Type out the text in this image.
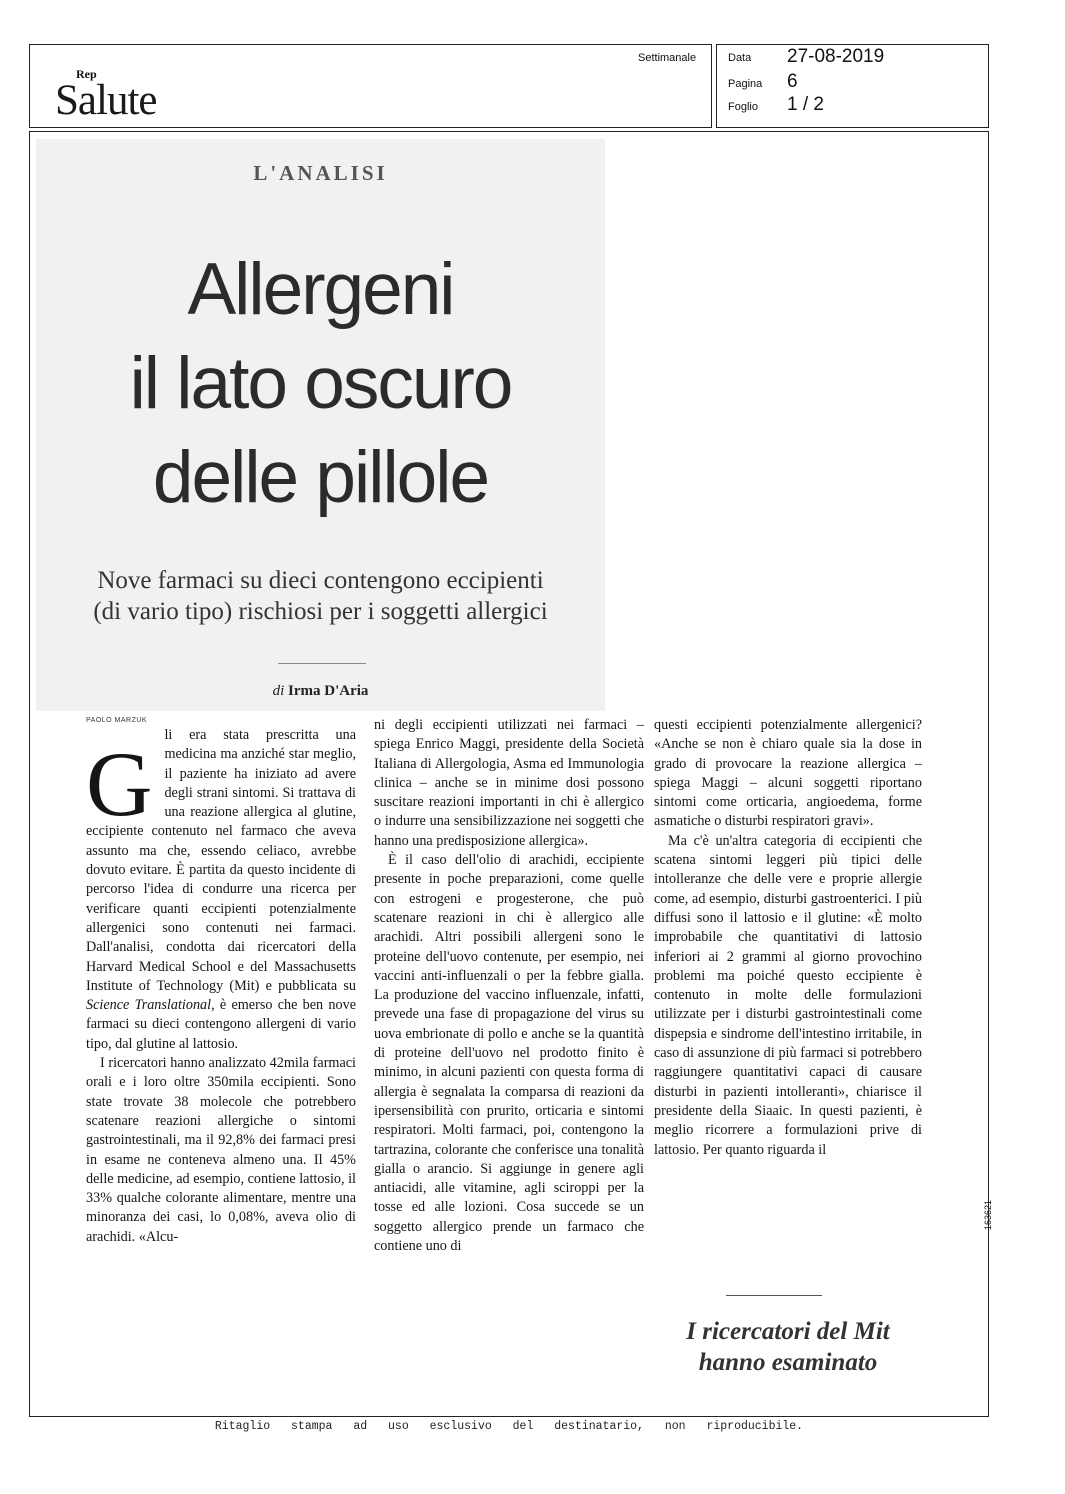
Rep
Salute
Settimanale	Data 27-08-2019
Pagina 6
Foglio 1 / 2
L'ANALISI
Allergeni
il lato oscuro
delle pillole
Nove farmaci su dieci contengono eccipienti
(di vario tipo) rischiosi per i soggetti allergici
di Irma D'Aria
PAOLO MARZUK

G li era stata prescritta una medicina ma anziché star meglio, il paziente ha iniziato ad avere degli strani sintomi. Si trattava di una reazione allergica al glutine, eccipiente contenuto nel farmaco che aveva assunto ma che, essendo celiaco, avrebbe dovuto evitare. È partita da questo incidente di percorso l'idea di condurre una ricerca per verificare quanti eccipienti potenzialmente allergenici sono contenuti nei farmaci. Dall'analisi, condotta dai ricercatori della Harvard Medical School e del Massachusetts Institute of Technology (Mit) e pubblicata su Science Translational, è emerso che ben nove farmaci su dieci contengono allergeni di vario tipo, dal glutine al lattosio.

I ricercatori hanno analizzato 42mila farmaci orali e i loro oltre 350mila eccipienti. Sono state trovate 38 molecole che potrebbero scatenare reazioni allergiche o sintomi gastrointestinali, ma il 92,8% dei farmaci presi in esame ne conteneva almeno una. Il 45% delle medicine, ad esempio, contiene lattosio, il 33% qualche colorante alimentare, mentre una minoranza dei casi, lo 0,08%, aveva olio di arachidi. «Alcu-

ni degli eccipienti utilizzati nei farmaci – spiega Enrico Maggi, presidente della Società Italiana di Allergologia, Asma ed Immunologia clinica – anche se in minime dosi possono suscitare reazioni importanti in chi è allergico o indurre una sensibilizzazione nei soggetti che hanno una predisposizione allergica».

È il caso dell'olio di arachidi, eccipiente presente in poche preparazioni, come quelle con estrogeni e progesterone, che può scatenare reazioni in chi è allergico alle arachidi. Altri possibili allergeni sono le proteine dell'uovo contenute, per esempio, nei vaccini anti-influenzali o per la febbre gialla. La produzione del vaccino influenzale, infatti, prevede una fase di propagazione del virus su uova embrionate di pollo e anche se la quantità di proteine dell'uovo nel prodotto finito è minimo, in alcuni pazienti con questa forma di allergia è segnalata la comparsa di reazioni da ipersensibilità con prurito, orticaria e sintomi respiratori. Molti farmaci, poi, contengono la tartrazina, colorante che conferisce una tonalità gialla o arancio. Si aggiunge in genere agli antiacidi, alle vitamine, agli sciroppi per la tosse ed alle lozioni. Cosa succede se un soggetto allergico prende un farmaco che contiene uno di

questi eccipienti potenzialmente allergenici? «Anche se non è chiaro quale sia la dose in grado di provocare la reazione allergica – spiega Maggi – alcuni soggetti riportano sintomi come orticaria, angioedema, forme asmatiche o disturbi respiratori gravi».

Ma c'è un'altra categoria di eccipienti che scatena sintomi leggeri più tipici delle intolleranze che delle vere e proprie allergie come, ad esempio, disturbi gastroenterici. I più diffusi sono il lattosio e il glutine: «È molto improbabile che quantitativi di lattosio inferiori ai 2 grammi al giorno provochino problemi ma poiché questo eccipiente è contenuto in molte delle formulazioni utilizzate per i disturbi gastrointestinali come dispepsia e sindrome dell'intestino irritabile, in caso di assunzione di più farmaci si potrebbero raggiungere quantitativi capaci di causare disturbi in pazienti intolleranti», chiarisce il presidente della Siaaic. In questi pazienti, è meglio ricorrere a formulazioni prive di lattosio. Per quanto riguarda il

I ricercatori del Mit
hanno esaminato
163621
Ritaglio stampa ad uso esclusivo del destinatario, non riproducibile.
